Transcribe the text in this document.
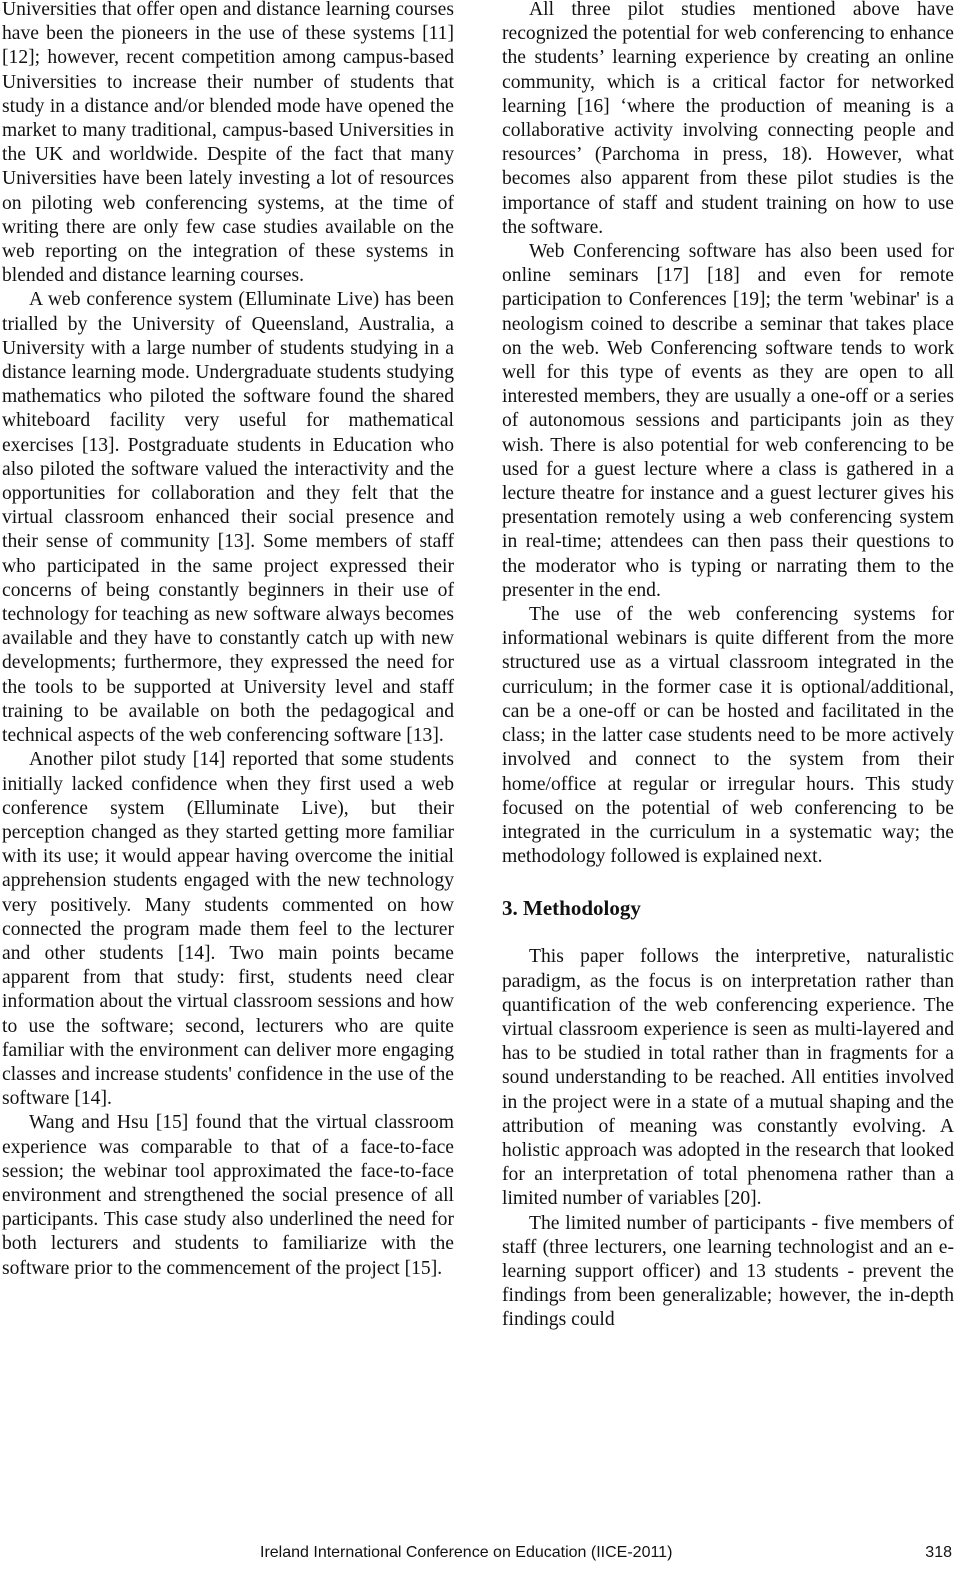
Universities that offer open and distance learning courses have been the pioneers in the use of these systems [11] [12]; however, recent competition among campus-based Universities to increase their number of students that study in a distance and/or blended mode have opened the market to many traditional, campus-based Universities in the UK and worldwide. Despite of the fact that many Universities have been lately investing a lot of resources on piloting web conferencing systems, at the time of writing there are only few case studies available on the web reporting on the integration of these systems in blended and distance learning courses.

A web conference system (Elluminate Live) has been trialled by the University of Queensland, Australia, a University with a large number of students studying in a distance learning mode. Undergraduate students studying mathematics who piloted the software found the shared whiteboard facility very useful for mathematical exercises [13]. Postgraduate students in Education who also piloted the software valued the interactivity and the opportunities for collaboration and they felt that the virtual classroom enhanced their social presence and their sense of community [13]. Some members of staff who participated in the same project expressed their concerns of being constantly beginners in their use of technology for teaching as new software always becomes available and they have to constantly catch up with new developments; furthermore, they expressed the need for the tools to be supported at University level and staff training to be available on both the pedagogical and technical aspects of the web conferencing software [13].

Another pilot study [14] reported that some students initially lacked confidence when they first used a web conference system (Elluminate Live), but their perception changed as they started getting more familiar with its use; it would appear having overcome the initial apprehension students engaged with the new technology very positively. Many students commented on how connected the program made them feel to the lecturer and other students [14]. Two main points became apparent from that study: first, students need clear information about the virtual classroom sessions and how to use the software; second, lecturers who are quite familiar with the environment can deliver more engaging classes and increase students' confidence in the use of the software [14].

Wang and Hsu [15] found that the virtual classroom experience was comparable to that of a face-to-face session; the webinar tool approximated the face-to-face environment and strengthened the social presence of all participants. This case study also underlined the need for both lecturers and students to familiarize with the software prior to the commencement of the project [15].

All three pilot studies mentioned above have recognized the potential for web conferencing to enhance the students’ learning experience by creating an online community, which is a critical factor for networked learning [16] ‘where the production of meaning is a collaborative activity involving connecting people and resources’ (Parchoma in press, 18). However, what becomes also apparent from these pilot studies is the importance of staff and student training on how to use the software.

Web Conferencing software has also been used for online seminars [17] [18] and even for remote participation to Conferences [19]; the term 'webinar' is a neologism coined to describe a seminar that takes place on the web. Web Conferencing software tends to work well for this type of events as they are open to all interested members, they are usually a one-off or a series of autonomous sessions and participants join as they wish. There is also potential for web conferencing to be used for a guest lecture where a class is gathered in a lecture theatre for instance and a guest lecturer gives his presentation remotely using a web conferencing system in real-time; attendees can then pass their questions to the moderator who is typing or narrating them to the presenter in the end.

The use of the web conferencing systems for informational webinars is quite different from the more structured use as a virtual classroom integrated in the curriculum; in the former case it is optional/additional, can be a one-off or can be hosted and facilitated in the class; in the latter case students need to be more actively involved and connect to the system from their home/office at regular or irregular hours. This study focused on the potential of web conferencing to be integrated in the curriculum in a systematic way; the methodology followed is explained next.

3. Methodology

This paper follows the interpretive, naturalistic paradigm, as the focus is on interpretation rather than quantification of the web conferencing experience. The virtual classroom experience is seen as multi-layered and has to be studied in total rather than in fragments for a sound understanding to be reached. All entities involved in the project were in a state of a mutual shaping and the attribution of meaning was constantly evolving. A holistic approach was adopted in the research that looked for an interpretation of total phenomena rather than a limited number of variables [20].

The limited number of participants - five members of staff (three lecturers, one learning technologist and an e-learning support officer) and 13 students - prevent the findings from been generalizable; however, the in-depth findings could

Ireland International Conference on Education (IICE-2011)	318
